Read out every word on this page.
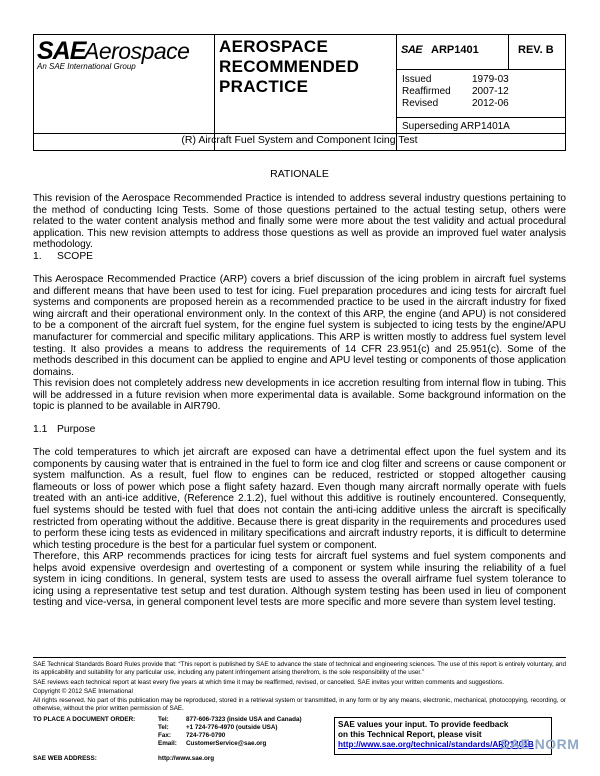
SAE
Aerospace
An SAE International Group
AEROSPACE
RECOMMENDED
PRACTICE
SAE ARP1401	REV. B
Issued	1979-03
Reaffirmed 2007-12
Revised	2012-06
Superseding ARP1401A
(R) Aircraft Fuel System and Component Icing Test
RATIONALE
This revision of the Aerospace Recommended Practice is intended to address several industry questions pertaining to the method of conducting Icing Tests. Some of those questions pertained to the actual testing setup, others were related to the water content analysis method and finally some were more about the test validity and actual procedural application. This new revision attempts to address those questions as well as provide an improved fuel water analysis methodology.
1. SCOPE
This Aerospace Recommended Practice (ARP) covers a brief discussion of the icing problem in aircraft fuel systems and different means that have been used to test for icing. Fuel preparation procedures and icing tests for aircraft fuel systems and components are proposed herein as a recommended practice to be used in the aircraft industry for fixed wing aircraft and their operational environment only. In the context of this ARP, the engine (and APU) is not considered to be a component of the aircraft fuel system, for the engine fuel system is subjected to icing tests by the engine/APU manufacturer for commercial and specific military applications. This ARP is written mostly to address fuel system level testing. It also provides a means to address the requirements of 14 CFR 23.951(c) and 25.951(c). Some of the methods described in this document can be applied to engine and APU level testing or components of those application domains.
This revision does not completely address new developments in ice accretion resulting from internal flow in tubing. This will be addressed in a future revision when more experimental data is available. Some background information on the topic is planned to be available in AIR790.
1.1 Purpose
The cold temperatures to which jet aircraft are exposed can have a detrimental effect upon the fuel system and its components by causing water that is entrained in the fuel to form ice and clog filter and screens or cause component or system malfunction. As a result, fuel flow to engines can be reduced, restricted or stopped altogether causing flameouts or loss of power which pose a flight safety hazard. Even though many aircraft normally operate with fuels treated with an anti-ice additive, (Reference 2.1.2), fuel without this additive is routinely encountered. Consequently, fuel systems should be tested with fuel that does not contain the anti-icing additive unless the aircraft is specifically restricted from operating without the additive. Because there is great disparity in the requirements and procedures used to perform these icing tests as evidenced in military specifications and aircraft industry reports, it is difficult to determine which testing procedure is the best for a particular fuel system or component.
Therefore, this ARP recommends practices for icing tests for aircraft fuel systems and fuel system components and helps avoid expensive overdesign and overtesting of a component or system while insuring the reliability of a fuel system in icing conditions. In general, system tests are used to assess the overall airframe fuel system tolerance to icing using a representative test setup and test duration. Although system testing has been used in lieu of component testing and vice-versa, in general component level tests are more specific and more severe than system level testing.
SAE Technical Standards Board Rules provide that: “This report is published by SAE to advance the state of technical and engineering sciences. The use of this report is entirely voluntary, and its applicability and suitability for any particular use, including any patent infringement arising therefrom, is the sole responsibility of the user.”
SAE reviews each technical report at least every five years at which time it may be reaffirmed, revised, or cancelled. SAE invites your written comments and suggestions.
Copyright © 2012 SAE International
All rights reserved. No part of this publication may be reproduced, stored in a retrieval system or transmitted, in any form or by any means, electronic, mechanical, photocopying, recording, or otherwise, without the prior written permission of SAE.
TO PLACE A DOCUMENT ORDER:	Tel:	877-606-7323 (inside USA and Canada)
Tel:	+1 724-776-4970 (outside USA)
Fax: 724-776-0790
Email: CustomerService@sae.org
SAE WEB ADDRESS:	http://www.sae.org
SAE values your input. To provide feedback
on this Technical Report, please visit
http://www.sae.org/technical/standards/ARP1401B
SAE NORM
